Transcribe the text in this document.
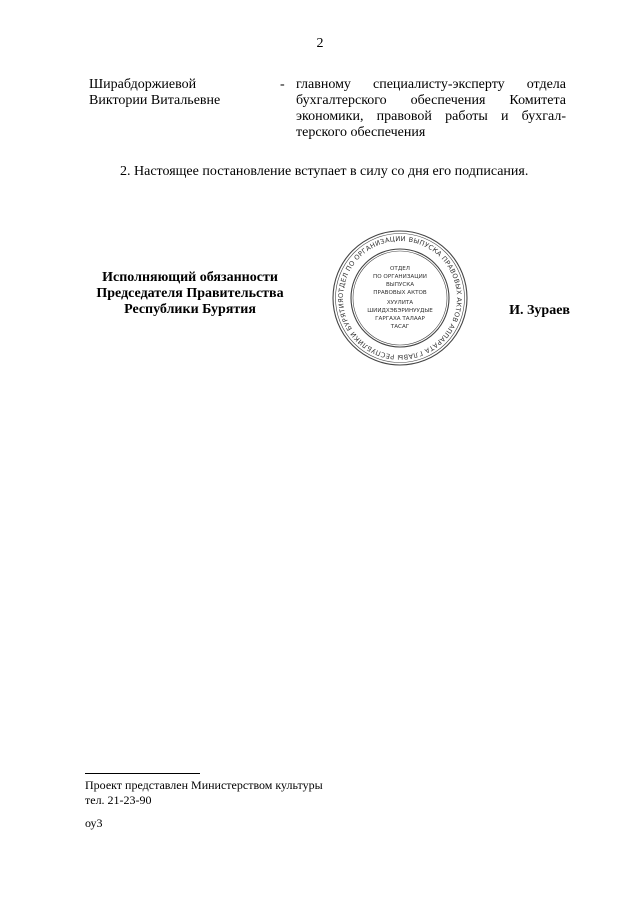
2
Ширабдоржиевой
Виктории Витальевне
- главному специалисту-эксперту отдела
бухгалтерского обеспечения Комитета
экономики, правовой работы и бухгал-
терского обеспечения
2. Настоящее постановление вступает в силу со дня его подписания.
Исполняющий обязанности
Председателя Правительства
Республики Бурятия
ОТДЕЛ ПО ОРГАНИЗАЦИИ ВЫПУСКА ПРАВОВЫХ АКТОВ АППАРАТА ГЛАВЫ РЕСПУБЛИКИ БУРЯТИЯ
ОТДЕЛ
ПО ОРГАНИЗАЦИИ
ВЫПУСКА
ПРАВОВЫХ АКТОВ
ХУУЛИТА
ШИИДХЭБЭРИНУУДЫЕ
ГАРГАХА ТАЛААР
ТАСАГ
И. Зураев
Проект представлен Министерством культуры
тел. 21-23-90
оу3
